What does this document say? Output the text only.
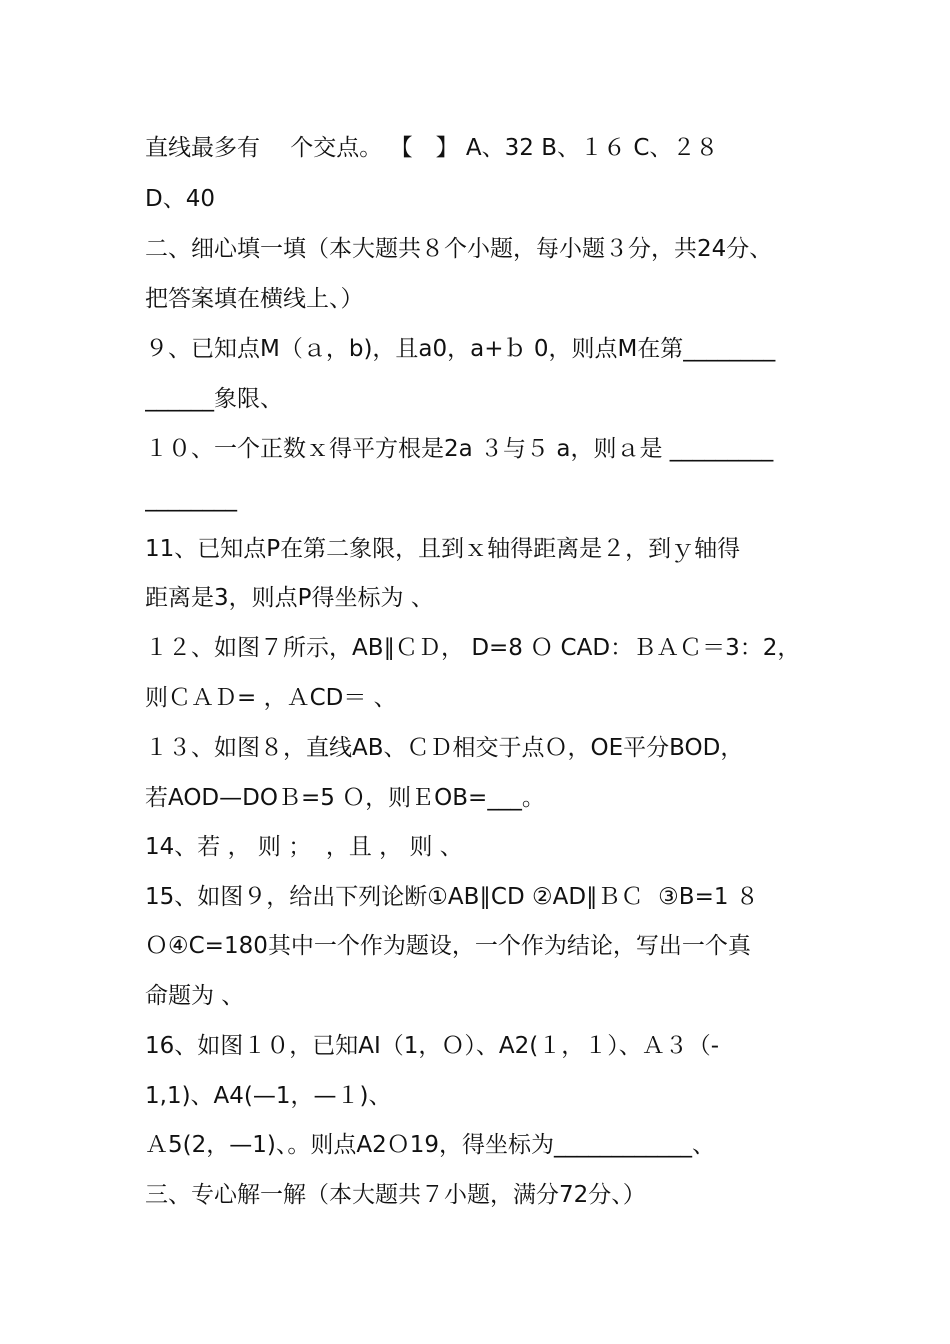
直线最多有　 个交点。 【　】 A、32 B、１６ C、２８
D、40
二、细心填一填（本大题共８个小题，每小题３分，共24分、
把答案填在横线上、）
９、已知点M（ａ，b)，且a0，a+ｂ 0，则点M在第________
______象限、
１０、一个正数ｘ得平方根是2a ３与５ a，则ａ是 _________
________
11、已知点P在第二象限，且到ｘ轴得距离是２，到ｙ轴得
距离是3，则点P得坐标为 、
１２、如图７所示，AB∥ＣＤ， D=8 Ｏ CAD：ＢＡＣ＝3：2，
则ＣＡＤ= ，ＡCD＝ 、
１３、如图８，直线AB、ＣＤ相交于点Ｏ，OE平分BOD，
若AOD—DOＢ=5 Ｏ，则ＥOB=___。
14、若 ， 则 ；  ，且 ， 则 、
15、如图９，给出下列论断①AB∥CD ②AD∥ＢＣ  ③B=1 ８
Ｏ④C=180其中一个作为题设，一个作为结论，写出一个真
命题为 、
16、如图１０，已知AI（1，Ｏ）、A2(１，１）、Ａ３（-
1,1)、A4(—1，—１)、
Ａ5(2，—1)、。则点A2Ｏ19，得坐标为____________、
三、专心解一解（本大题共７小题，满分72分、）
